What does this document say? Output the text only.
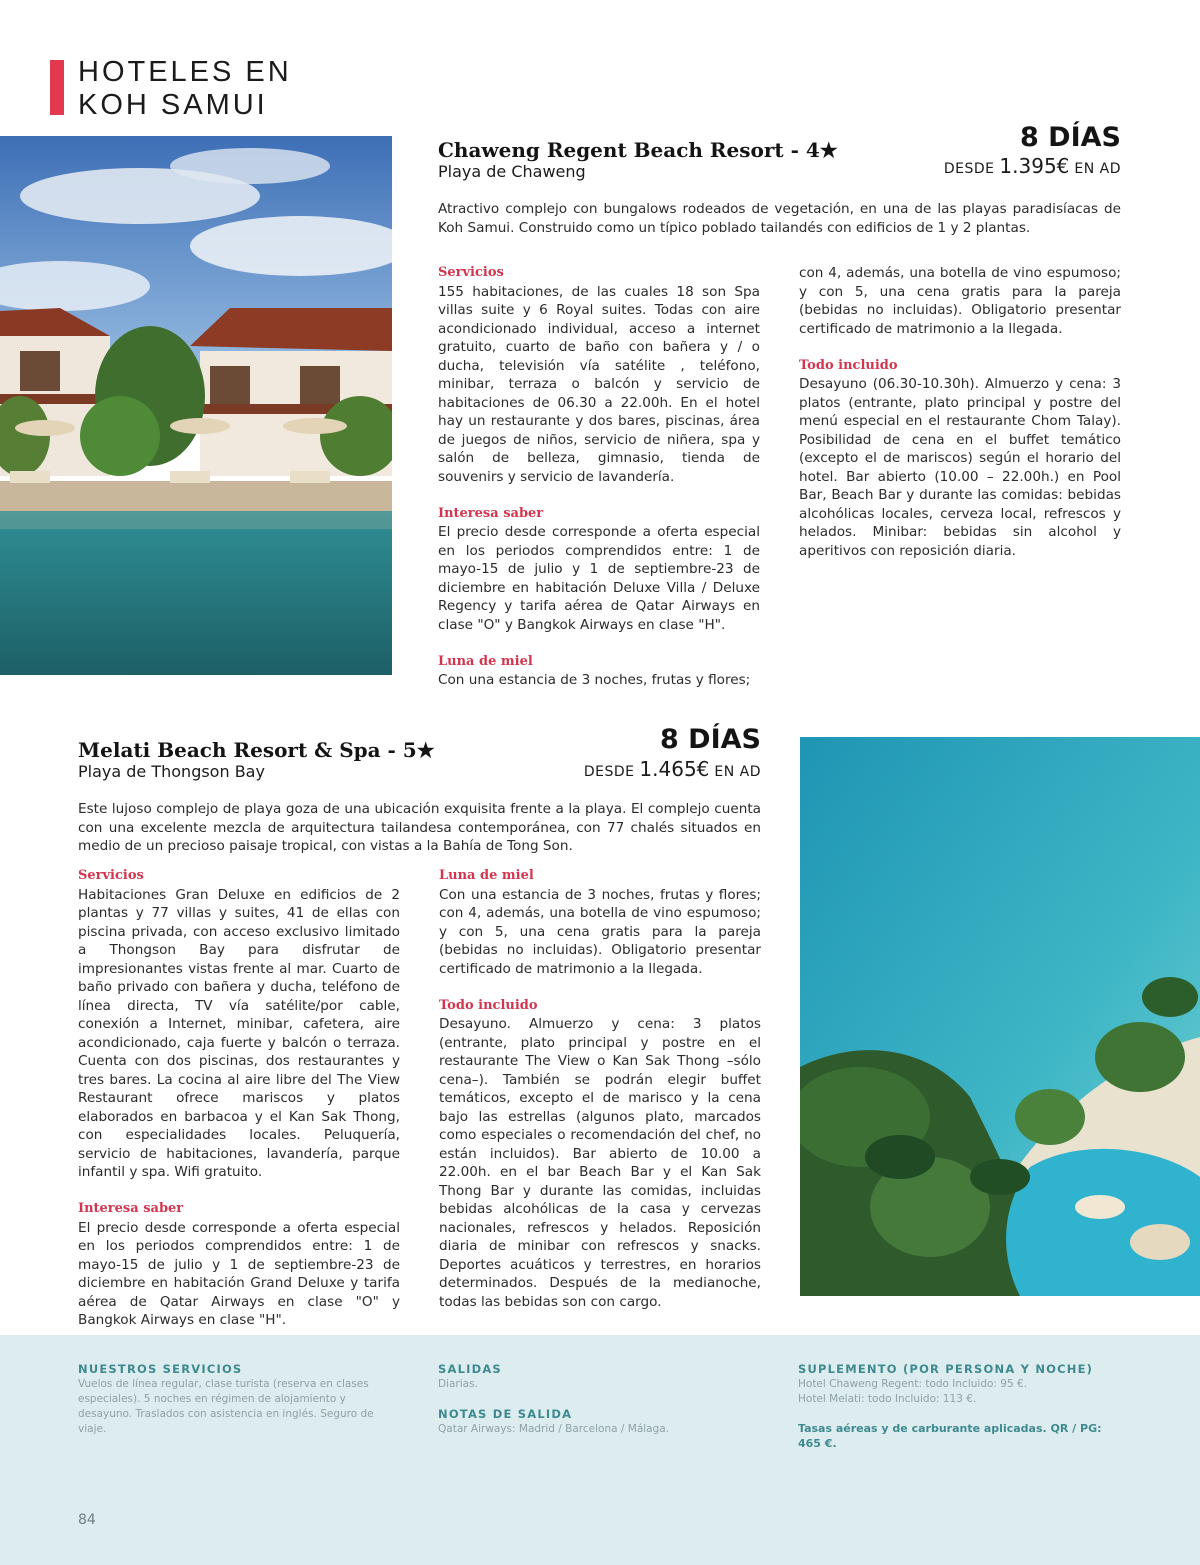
HOTELES EN
KOH SAMUI
Chaweng Regent Beach Resort - 4★
Playa de Chaweng
8 DÍAS
DESDE 1.395€ EN AD
Atractivo complejo con bungalows rodeados de vegetación, en una de las playas paradisíacas de Koh Samui. Construido como un típico poblado tailandés con edificios de 1 y 2 plantas.
Servicios

155 habitaciones, de las cuales 18 son Spa villas suite y 6 Royal suites. Todas con aire acondicionado individual, acceso a internet gratuito, cuarto de baño con bañera y / o ducha, televisión vía satélite , teléfono, minibar, terraza o balcón y servicio de habitaciones de 06.30 a 22.00h. En el hotel hay un restaurante y dos bares, piscinas, área de juegos de niños, servicio de niñera, spa y salón de belleza, gimnasio, tienda de souvenirs y servicio de lavandería.

Interesa saber

El precio desde corresponde a oferta especial en los periodos comprendidos entre: 1 de mayo-15 de julio y 1 de septiembre-23 de diciembre en habitación Deluxe Villa / Deluxe Regency y tarifa aérea de Qatar Airways en clase "O" y Bangkok Airways en clase "H".

Luna de miel

Con una estancia de 3 noches, frutas y flores;

con 4, además, una botella de vino espumoso; y con 5, una cena gratis para la pareja (bebidas no incluidas). Obligatorio presentar certificado de matrimonio a la llegada.

Todo incluido

Desayuno (06.30-10.30h). Almuerzo y cena: 3 platos (entrante, plato principal y postre del menú especial en el restaurante Chom Talay). Posibilidad de cena en el buffet temático (excepto el de mariscos) según el horario del hotel. Bar abierto (10.00 – 22.00h.) en Pool Bar, Beach Bar y durante las comidas: bebidas alcohólicas locales, cerveza local, refrescos y helados. Minibar: bebidas sin alcohol y aperitivos con reposición diaria.

Melati Beach Resort & Spa - 5★
Playa de Thongson Bay
8 DÍAS
DESDE 1.465€ EN AD
Este lujoso complejo de playa goza de una ubicación exquisita frente a la playa. El complejo cuenta con una excelente mezcla de arquitectura tailandesa contemporánea, con 77 chalés situados en medio de un precioso paisaje tropical, con vistas a la Bahía de Tong Son.
Servicios

Habitaciones Gran Deluxe en edificios de 2 plantas y 77 villas y suites, 41 de ellas con piscina privada, con acceso exclusivo limitado a Thongson Bay para disfrutar de impresionantes vistas frente al mar. Cuarto de baño privado con bañera y ducha, teléfono de línea directa, TV vía satélite/por cable, conexión a Internet, minibar, cafetera, aire acondicionado, caja fuerte y balcón o terraza. Cuenta con dos piscinas, dos restaurantes y tres bares. La cocina al aire libre del The View Restaurant ofrece mariscos y platos elaborados en barbacoa y el Kan Sak Thong, con especialidades locales. Peluquería, servicio de habitaciones, lavandería, parque infantil y spa. Wifi gratuito.

Interesa saber

El precio desde corresponde a oferta especial en los periodos comprendidos entre: 1 de mayo-15 de julio y 1 de septiembre-23 de diciembre en habitación Grand Deluxe y tarifa aérea de Qatar Airways en clase "O" y Bangkok Airways en clase "H".

Luna de miel

Con una estancia de 3 noches, frutas y flores; con 4, además, una botella de vino espumoso; y con 5, una cena gratis para la pareja (bebidas no incluidas). Obligatorio presentar certificado de matrimonio a la llegada.

Todo incluido

Desayuno. Almuerzo y cena: 3 platos (entrante, plato principal y postre en el restaurante The View o Kan Sak Thong –sólo cena–). También se podrán elegir buffet temáticos, excepto el de marisco y la cena bajo las estrellas (algunos plato, marcados como especiales o recomendación del chef, no están incluidos). Bar abierto de 10.00 a 22.00h. en el bar Beach Bar y el Kan Sak Thong Bar y durante las comidas, incluidas bebidas alcohólicas de la casa y cervezas nacionales, refrescos y helados. Reposición diaria de minibar con refrescos y snacks. Deportes acuáticos y terrestres, en horarios determinados. Después de la medianoche, todas las bebidas son con cargo.

NUESTROS SERVICIOS
Vuelos de línea regular, clase turista (reserva en clases especiales). 5 noches en régimen de alojamiento y desayuno. Traslados con asistencia en inglés. Seguro de viaje.
SALIDAS
Diarias.
NOTAS DE SALIDA
Qatar Airways: Madrid / Barcelona / Málaga.
SUPLEMENTO (POR PERSONA Y NOCHE)
Hotel Chaweng Regent: todo Incluido: 95 €.
Hotel Melati: todo Incluido: 113 €.
Tasas aéreas y de carburante aplicadas. QR / PG: 465 €.
84
